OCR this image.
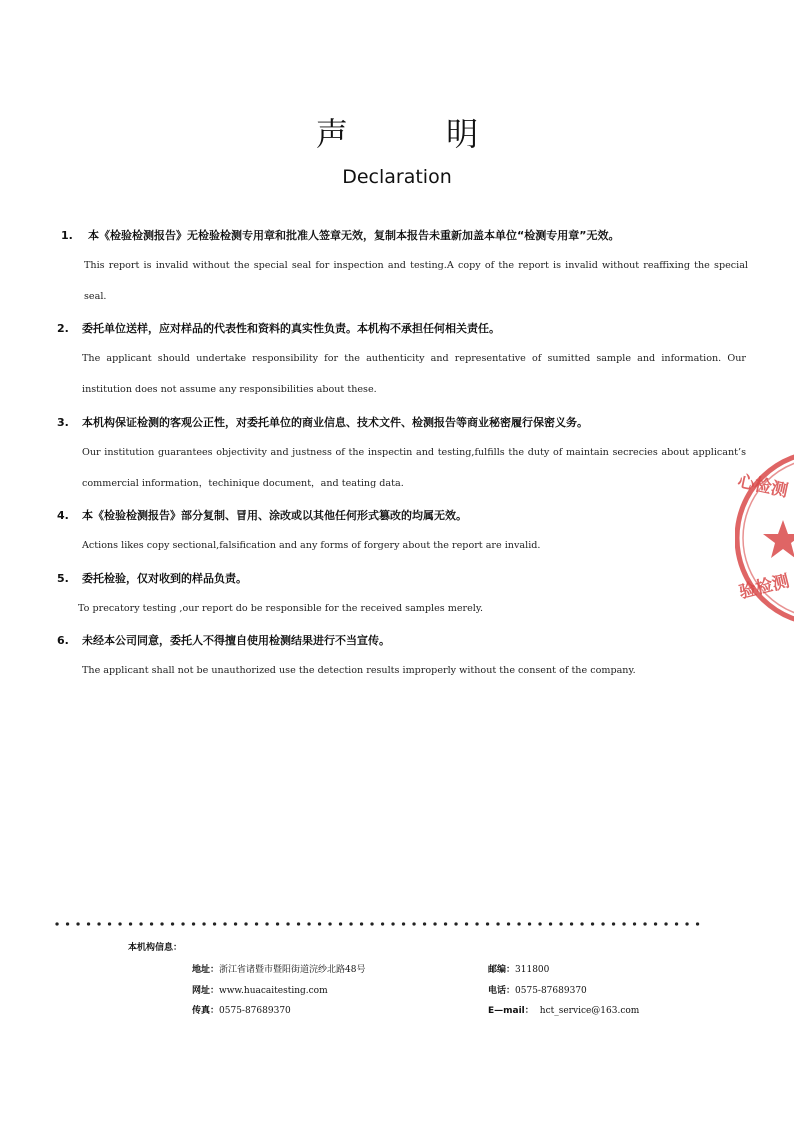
声 明
Declaration
1. 本《检验检测报告》无检验检测专用章和批准人签章无效，复制本报告未重新加盖本单位“检测专用章”无效。
This report is invalid without the special seal for inspection and testing.A copy of the report is invalid without reaffixing the special seal.
2. 委托单位送样，应对样品的代表性和资料的真实性负责。本机构不承担任何相关责任。
The applicant should undertake responsibility for the authenticity and representative of sumitted sample and information. Our institution does not assume any responsibilities about these.
3. 本机构保证检测的客观公正性，对委托单位的商业信息、技术文件、检测报告等商业秘密履行保密义务。
Our institution guarantees objectivity and justness of the inspectin and testing,fulfills the duty of maintain secrecies about applicant’s commercial information，techinique document，and teating data.
4. 本《检验检测报告》部分复制、冒用、涂改或以其他任何形式篡改的均属无效。
Actions likes copy sectional,falsification and any forms of forgery about the report are invalid.
5. 委托检验，仅对收到的样品负责。
To precatory testing ,our report do be responsible for the received samples merely.
6. 未经本公司同意，委托人不得擅自使用检测结果进行不当宣传。
The applicant shall not be unauthorized use the detection results improperly without the consent of the company.
心检测
验检测
本机构信息：
地址：浙江省诸暨市暨阳街道浣纱北路48号	邮编：311800
网址：www.huacaitesting.com	电话：0575-87689370
传真：0575-87689370	E—mail： hct_service@163.com
